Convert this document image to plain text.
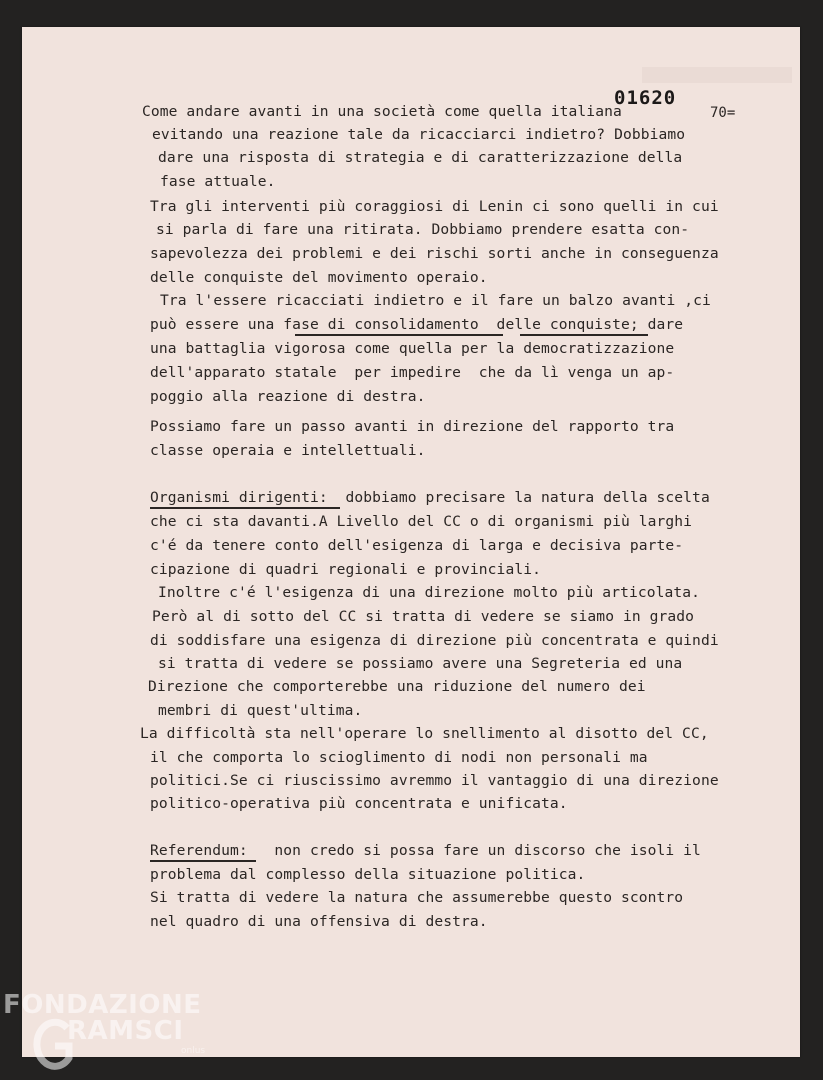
01620

70=

Come andare avanti in una società come quella italiana

evitando una reazione tale da ricacciarci indietro? Dobbiamo

dare una risposta di strategia e di caratterizzazione della

fase attuale.

Tra gli interventi più coraggiosi di Lenin ci sono quelli in cui

si parla di fare una ritirata. Dobbiamo prendere esatta con-

sapevolezza dei problemi e dei rischi sorti anche in conseguenza

delle conquiste del movimento operaio.

Tra l'essere ricacciati indietro e il fare un balzo avanti ,ci

può essere una fase di consolidamento  delle conquiste; dare

una battaglia vigorosa come quella per la democratizzazione

dell'apparato statale  per impedire  che da lì venga un ap-

poggio alla reazione di destra.

Possiamo fare un passo avanti in direzione del rapporto tra

classe operaia e intellettuali.

Organismi dirigenti:  dobbiamo precisare la natura della scelta

che ci sta davanti.A Livello del CC o di organismi più larghi

c'é da tenere conto dell'esigenza di larga e decisiva parte-

cipazione di quadri regionali e provinciali.

Inoltre c'é l'esigenza di una direzione molto più articolata.

Però al di sotto del CC si tratta di vedere se siamo in grado

di soddisfare una esigenza di direzione più concentrata e quindi

si tratta di vedere se possiamo avere una Segreteria ed una

Direzione che comporterebbe una riduzione del numero dei

membri di quest'ultima.

La difficoltà sta nell'operare lo snellimento al disotto del CC,

il che comporta lo scioglimento di nodi non personali ma

politici.Se ci riuscissimo avremmo il vantaggio di una direzione

politico-operativa più concentrata e unificata.

Referendum:   non credo si possa fare un discorso che isoli il

problema dal complesso della situazione politica.

Si tratta di vedere la natura che assumerebbe questo scontro

nel quadro di una offensiva di destra.

FONDAZIONE

RAMSCI

onlus
